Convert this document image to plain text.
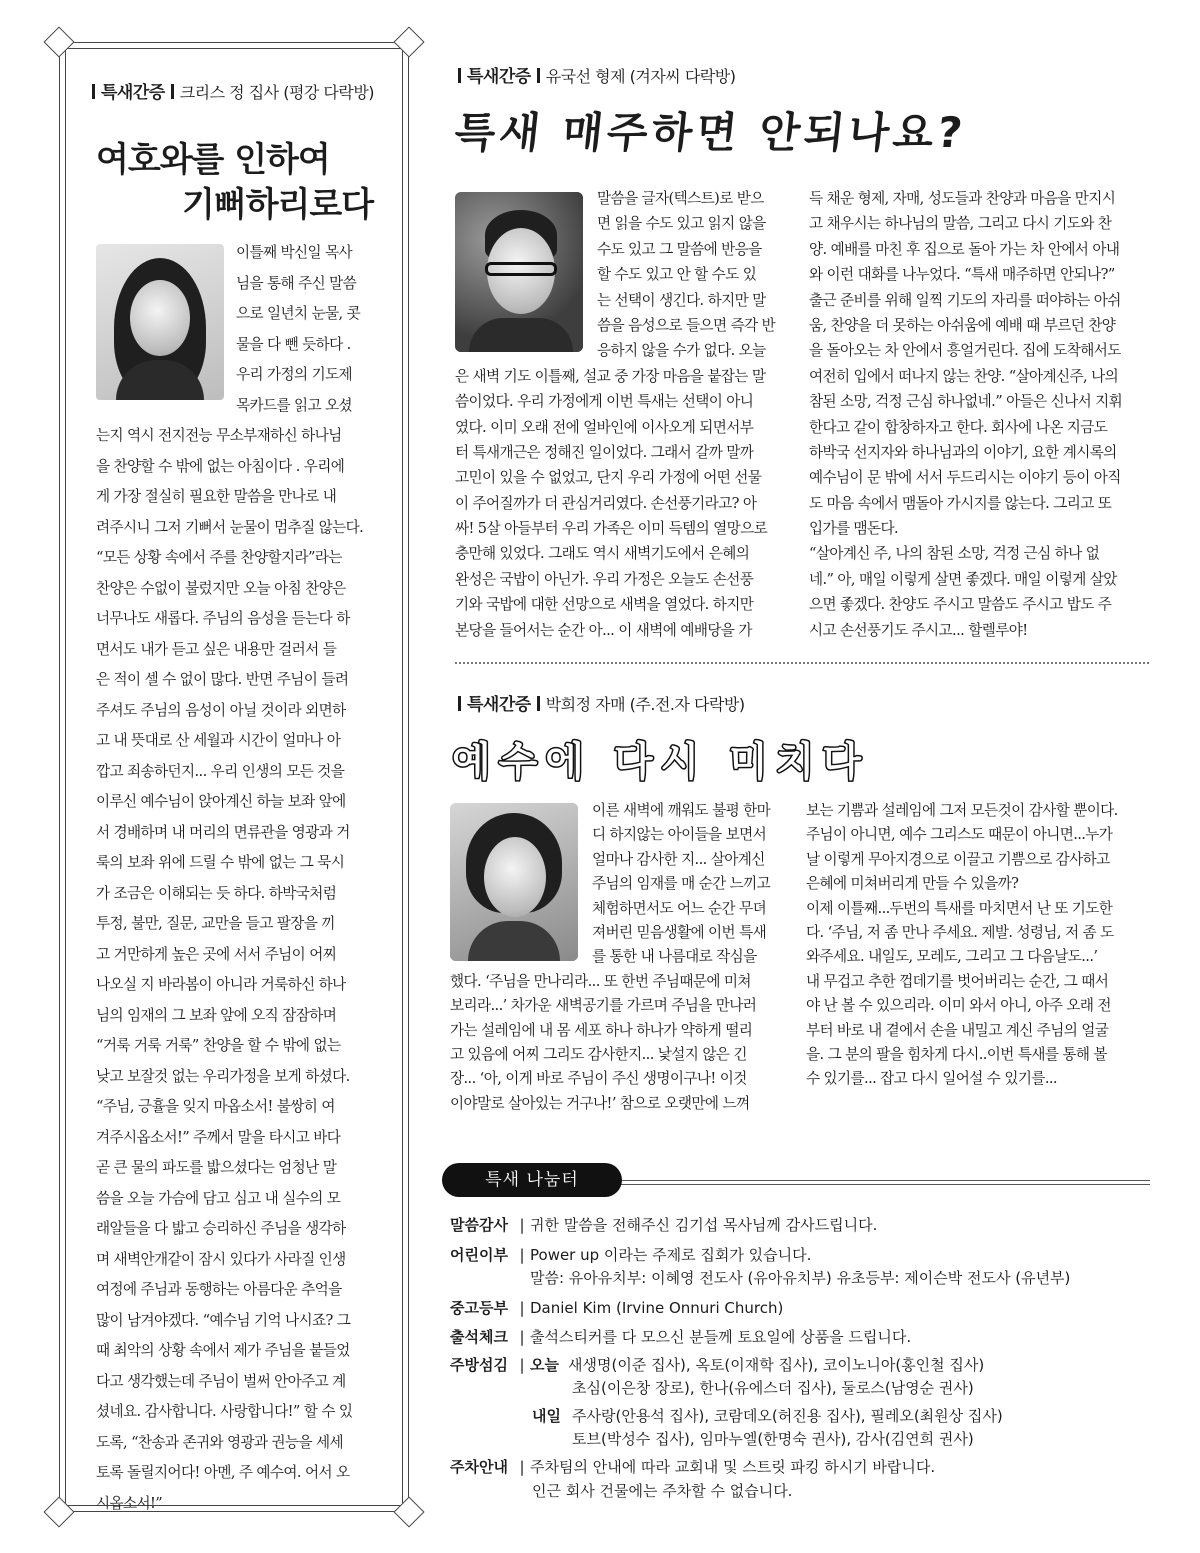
특새간증 크리스 정 집사 (평강 다락방)
여호와를 인하여
기뻐하리로다
이틀째 박신일 목사
님을 통해 주신 말씀
으로 일년치 눈물, 콧
물을 다 뺀 듯하다 .
우리 가정의 기도제
목카드를 읽고 오셨
는지 역시 전지전능 무소부재하신 하나님
을 찬양할 수 밖에 없는 아침이다 . 우리에
게 가장 절실히 필요한 말씀을 만나로 내
려주시니 그저 기뻐서 눈물이 멈추질 않는다.
“모든 상황 속에서 주를 찬양할지라”라는
찬양은 수없이 불렀지만 오늘 아침 찬양은
너무나도 새롭다. 주님의 음성을 듣는다 하
면서도 내가 듣고 싶은 내용만 걸러서 들
은 적이 셀 수 없이 많다. 반면 주님이 들려
주셔도 주님의 음성이 아닐 것이라 외면하
고 내 뜻대로 산 세월과 시간이 얼마나 아
깝고 죄송하던지... 우리 인생의 모든 것을
이루신 예수님이 앉아계신 하늘 보좌 앞에
서 경배하며 내 머리의 면류관을 영광과 거
룩의 보좌 위에 드릴 수 밖에 없는 그 묵시
가 조금은 이해되는 듯 하다. 하박국처럼
투정, 불만, 질문, 교만을 들고 팔장을 끼
고 거만하게 높은 곳에 서서 주님이 어찌
나오실 지 바라봄이 아니라 거룩하신 하나
님의 임재의 그 보좌 앞에 오직 잠잠하며
“거룩 거룩 거룩” 찬양을 할 수 밖에 없는
낮고 보잘것 없는 우리가정을 보게 하셨다.
“주님, 긍휼을 잊지 마옵소서! 불쌍히 여
겨주시옵소서!” 주께서 말을 타시고 바다
곧 큰 물의 파도를 밟으셨다는 엄청난 말
씀을 오늘 가슴에 담고 심고 내 실수의 모
래알들을 다 밟고 승리하신 주님을 생각하
며 새벽안개같이 잠시 있다가 사라질 인생
여정에 주님과 동행하는 아름다운 추억을
많이 남겨야겠다. “예수님 기억 나시죠? 그
때 최악의 상황 속에서 제가 주님을 붙들었
다고 생각했는데 주님이 벌써 안아주고 계
셨네요. 감사합니다. 사랑합니다!” 할 수 있
도록, “찬송과 존귀와 영광과 권능을 세세
토록 돌릴지어다! 아멘, 주 예수여. 어서 오
시옵소서!”
특새간증 유국선 형제 (겨자씨 다락방)
특새 매주하면 안되나요?
말씀을 글자(텍스트)로 받으
면 읽을 수도 있고 읽지 않을
수도 있고 그 말씀에 반응을
할 수도 있고 안 할 수도 있
는 선택이 생긴다. 하지만 말
씀을 음성으로 들으면 즉각 반
응하지 않을 수가 없다. 오늘
은 새벽 기도 이틀째, 설교 중 가장 마음을 붙잡는 말
씀이었다. 우리 가정에게 이번 특새는 선택이 아니
였다. 이미 오래 전에 얼바인에 이사오게 되면서부
터 특새개근은 정해진 일이었다. 그래서 갈까 말까
고민이 있을 수 없었고, 단지 우리 가정에 어떤 선물
이 주어질까가 더 관심거리였다. 손선풍기라고? 아
싸! 5살 아들부터 우리 가족은 이미 득템의 열망으로
충만해 있었다. 그래도 역시 새벽기도에서 은혜의
완성은 국밥이 아닌가. 우리 가정은 오늘도 손선풍
기와 국밥에 대한 선망으로 새벽을 열었다. 하지만
본당을 들어서는 순간 아... 이 새벽에 예배당을 가
득 채운 형제, 자매, 성도들과 찬양과 마음을 만지시
고 채우시는 하나님의 말씀, 그리고 다시 기도와 찬
양. 예배를 마친 후 집으로 돌아 가는 차 안에서 아내
와 이런 대화를 나누었다. “특새 매주하면 안되나?”
출근 준비를 위해 일찍 기도의 자리를 떠야하는 아쉬
움, 찬양을 더 못하는 아쉬움에 예배 때 부르던 찬양
을 돌아오는 차 안에서 흥얼거린다. 집에 도착해서도
여전히 입에서 떠나지 않는 찬양. “살아계신주, 나의
참된 소망, 걱정 근심 하나없네.” 아들은 신나서 지휘
한다고 같이 합창하자고 한다. 회사에 나온 지금도
하박국 선지자와 하나님과의 이야기, 요한 계시록의
예수님이 문 밖에 서서 두드리시는 이야기 등이 아직
도 마음 속에서 맴돌아 가시지를 않는다. 그리고 또
입가를 맴돈다.
“살아계신 주, 나의 참된 소망, 걱정 근심 하나 없
네.” 아, 매일 이렇게 살면 좋겠다. 매일 이렇게 살았
으면 좋겠다. 찬양도 주시고 말씀도 주시고 밥도 주
시고 손선풍기도 주시고... 할렐루야!
특새간증 박희정 자매 (주.전.자 다락방)
예수에 다시 미치다
이른 새벽에 깨워도 불평 한마
디 하지않는 아이들을 보면서
얼마나 감사한 지... 살아계신
주님의 임재를 매 순간 느끼고
체험하면서도 어느 순간 무뎌
져버린 믿음생활에 이번 특새
를 통한 내 나름대로 작심을
했다. ‘주님을 만나리라... 또 한번 주님때문에 미쳐
보리라...’ 차가운 새벽공기를 가르며 주님을 만나러
가는 설레임에 내 몸 세포 하나 하나가 약하게 떨리
고 있음에 어찌 그리도 감사한지... 낯설지 않은 긴
장... ‘아, 이게 바로 주님이 주신 생명이구나! 이것
이야말로 살아있는 거구나!’ 참으로 오랫만에 느껴
보는 기쁨과 설레임에 그저 모든것이 감사할 뿐이다.
주님이 아니면, 예수 그리스도 때문이 아니면...누가
날 이렇게 무아지경으로 이끌고 기쁨으로 감사하고
은혜에 미쳐버리게 만들 수 있을까?
이제 이틀째...두번의 특새를 마치면서 난 또 기도한
다. ‘주님, 저 좀 만나 주세요. 제발. 성령님, 저 좀 도
와주세요. 내일도, 모레도, 그리고 그 다음날도...’
내 무겁고 추한 껍데기를 벗어버리는 순간, 그 때서
야 난 볼 수 있으리라. 이미 와서 아니, 아주 오래 전
부터 바로 내 곁에서 손을 내밀고 계신 주님의 얼굴
을. 그 분의 팔을 힘차게 다시..이번 특새를 통해 볼
수 있기를... 잡고 다시 일어설 수 있기를...
특새 나눔터
말씀감사 | 귀한 말씀을 전해주신 김기섭 목사님께 감사드립니다.
어린이부 | Power up 이라는 주제로 집회가 있습니다.
말씀: 유아유치부: 이혜영 전도사 (유아유치부) 유초등부: 제이슨박 전도사 (유년부)
중고등부 | Daniel Kim (Irvine Onnuri Church)
출석체크 | 출석스티커를 다 모으신 분들께 토요일에 상품을 드립니다.
주방섬김 | 오늘 새생명(이준 집사), 옥토(이재학 집사), 코이노니아(홍인철 집사)
초심(이은창 장로), 한나(유에스더 집사), 둘로스(남영순 권사)
내일 주사랑(안용석 집사), 코람데오(허진용 집사), 필레오(최원상 집사)
토브(박성수 집사), 임마누엘(한명숙 권사), 감사(김연희 권사)
주차안내 | 주차팀의 안내에 따라 교회내 및 스트릿 파킹 하시기 바랍니다.
인근 회사 건물에는 주차할 수 없습니다.
